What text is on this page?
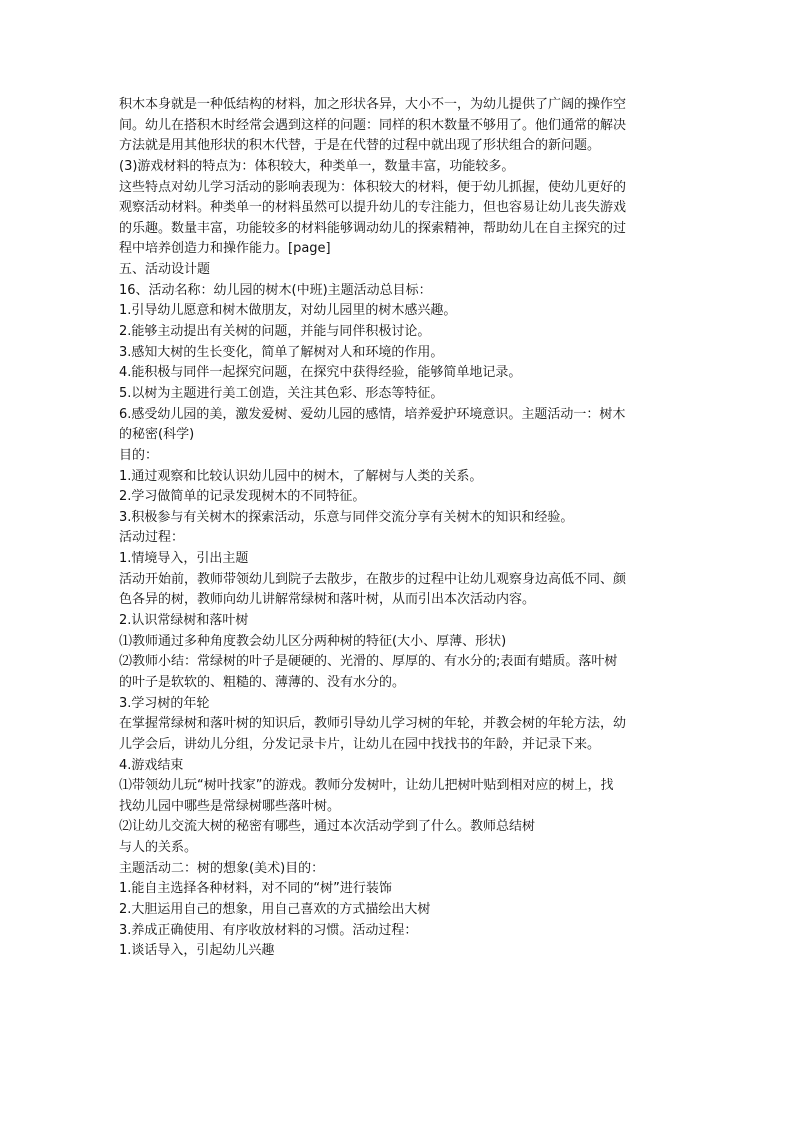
积木本身就是一种低结构的材料，加之形状各异，大小不一，为幼儿提供了广阔的操作空
间。幼儿在搭积木时经常会遇到这样的问题：同样的积木数量不够用了。他们通常的解决
方法就是用其他形状的积木代替，于是在代替的过程中就出现了形状组合的新问题。
(3)游戏材料的特点为：体积较大，种类单一，数量丰富，功能较多。
这些特点对幼儿学习活动的影响表现为：体积较大的材料，便于幼儿抓握，使幼儿更好的
观察活动材料。种类单一的材料虽然可以提升幼儿的专注能力，但也容易让幼儿丧失游戏
的乐趣。数量丰富，功能较多的材料能够调动幼儿的探索精神，帮助幼儿在自主探究的过
程中培养创造力和操作能力。[page]
五、活动设计题
16、活动名称：幼儿园的树木(中班)主题活动总目标：
1.引导幼儿愿意和树木做朋友，对幼儿园里的树木感兴趣。
2.能够主动提出有关树的问题，并能与同伴积极讨论。
3.感知大树的生长变化，简单了解树对人和环境的作用。
4.能积极与同伴一起探究问题，在探究中获得经验，能够简单地记录。
5.以树为主题进行美工创造，关注其色彩、形态等特征。
6.感受幼儿园的美，激发爱树、爱幼儿园的感情，培养爱护环境意识。主题活动一：树木
的秘密(科学)
目的：
1.通过观察和比较认识幼儿园中的树木，了解树与人类的关系。
2.学习做简单的记录发现树木的不同特征。
3.积极参与有关树木的探索活动，乐意与同伴交流分享有关树木的知识和经验。
活动过程：
1.情境导入，引出主题
活动开始前，教师带领幼儿到院子去散步，在散步的过程中让幼儿观察身边高低不同、颜
色各异的树，教师向幼儿讲解常绿树和落叶树，从而引出本次活动内容。
2.认识常绿树和落叶树
⑴教师通过多种角度教会幼儿区分两种树的特征(大小、厚薄、形状)
⑵教师小结：常绿树的叶子是硬硬的、光滑的、厚厚的、有水分的;表面有蜡质。落叶树
的叶子是软软的、粗糙的、薄薄的、没有水分的。
3.学习树的年轮
在掌握常绿树和落叶树的知识后，教师引导幼儿学习树的年轮，并教会树的年轮方法，幼
儿学会后，讲幼儿分组，分发记录卡片，让幼儿在园中找找书的年龄，并记录下来。
4.游戏结束
⑴带领幼儿玩“树叶找家”的游戏。教师分发树叶，让幼儿把树叶贴到相对应的树上，找
找幼儿园中哪些是常绿树哪些落叶树。
⑵让幼儿交流大树的秘密有哪些，通过本次活动学到了什么。教师总结树
与人的关系。
主题活动二：树的想象(美术)目的：
1.能自主选择各种材料，对不同的“树”进行装饰
2.大胆运用自己的想象，用自己喜欢的方式描绘出大树
3.养成正确使用、有序收放材料的习惯。活动过程：
1.谈话导入，引起幼儿兴趣
